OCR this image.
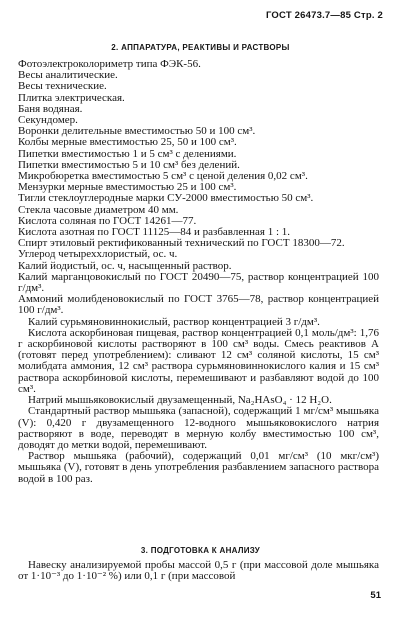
ГОСТ 26473.7—85 Стр. 2
2. АППАРАТУРА, РЕАКТИВЫ И РАСТВОРЫ

Фотоэлектроколориметр типа ФЭК-56.

Весы аналитические.

Весы технические.

Плитка электрическая.

Баня водяная.

Секундомер.

Воронки делительные вместимостью 50 и 100 см³.

Колбы мерные вместимостью 25, 50 и 100 см³.

Пипетки вместимостью 1 и 5 см³ с делениями.

Пипетки вместимостью 5 и 10 см³ без делений.

Микробюретка вместимостью 5 см³ с ценой деления 0,02 см³.

Мензурки мерные вместимостью 25 и 100 см³.

Тигли стеклоуглеродные марки СУ-2000 вместимостью 50 см³.

Стекла часовые диаметром 40 мм.

Кислота соляная по ГОСТ 14261—77.

Кислота азотная по ГОСТ 11125—84 и разбавленная 1 : 1.

Спирт этиловый ректификованный технический по ГОСТ 18300—72.

Углерод четыреххлористый, ос. ч.

Калий йодистый, ос. ч, насыщенный раствор.

Калий марганцовокислый по ГОСТ 20490—75, раствор концентрацией 100 г/дм³.

Аммоний молибденовокислый по ГОСТ 3765—78, раствор концентрацией 100 г/дм³.

Калий сурьмяновиннокислый, раствор концентрацией 3 г/дм³.

Кислота аскорбиновая пищевая, раствор концентрацией 0,1 моль/дм³: 1,76 г аскорбиновой кислоты растворяют в 100 см³ воды. Смесь реактивов А (готовят перед употреблением): сливают 12 см³ соляной кислоты, 15 см³ молибдата аммония, 12 см³ раствора сурьмяновиннокислого калия и 15 см³ раствора аскорбиновой кислоты, перемешивают и разбавляют водой до 100 см³.

Натрий мышьяковокислый двузамещенный, Na₂HAsO₄ · 12 H₂O.

Стандартный раствор мышьяка (запасной), содержащий 1 мг/см³ мышьяка (V): 0,420 г двузамещенного 12-водного мышьяковокислого натрия растворяют в воде, переводят в мерную колбу вместимостью 100 см³, доводят до метки водой, перемешивают.

Раствор мышьяка (рабочий), содержащий 0,01 мг/см³ (10 мкг/см³) мышьяка (V), готовят в день употребления разбавлением запасного раствора водой в 100 раз.

3. ПОДГОТОВКА К АНАЛИЗУ

Навеску анализируемой пробы массой 0,5 г (при массовой доле мышьяка от 1·10⁻³ до 1·10⁻² %) или 0,1 г (при массовой

51
